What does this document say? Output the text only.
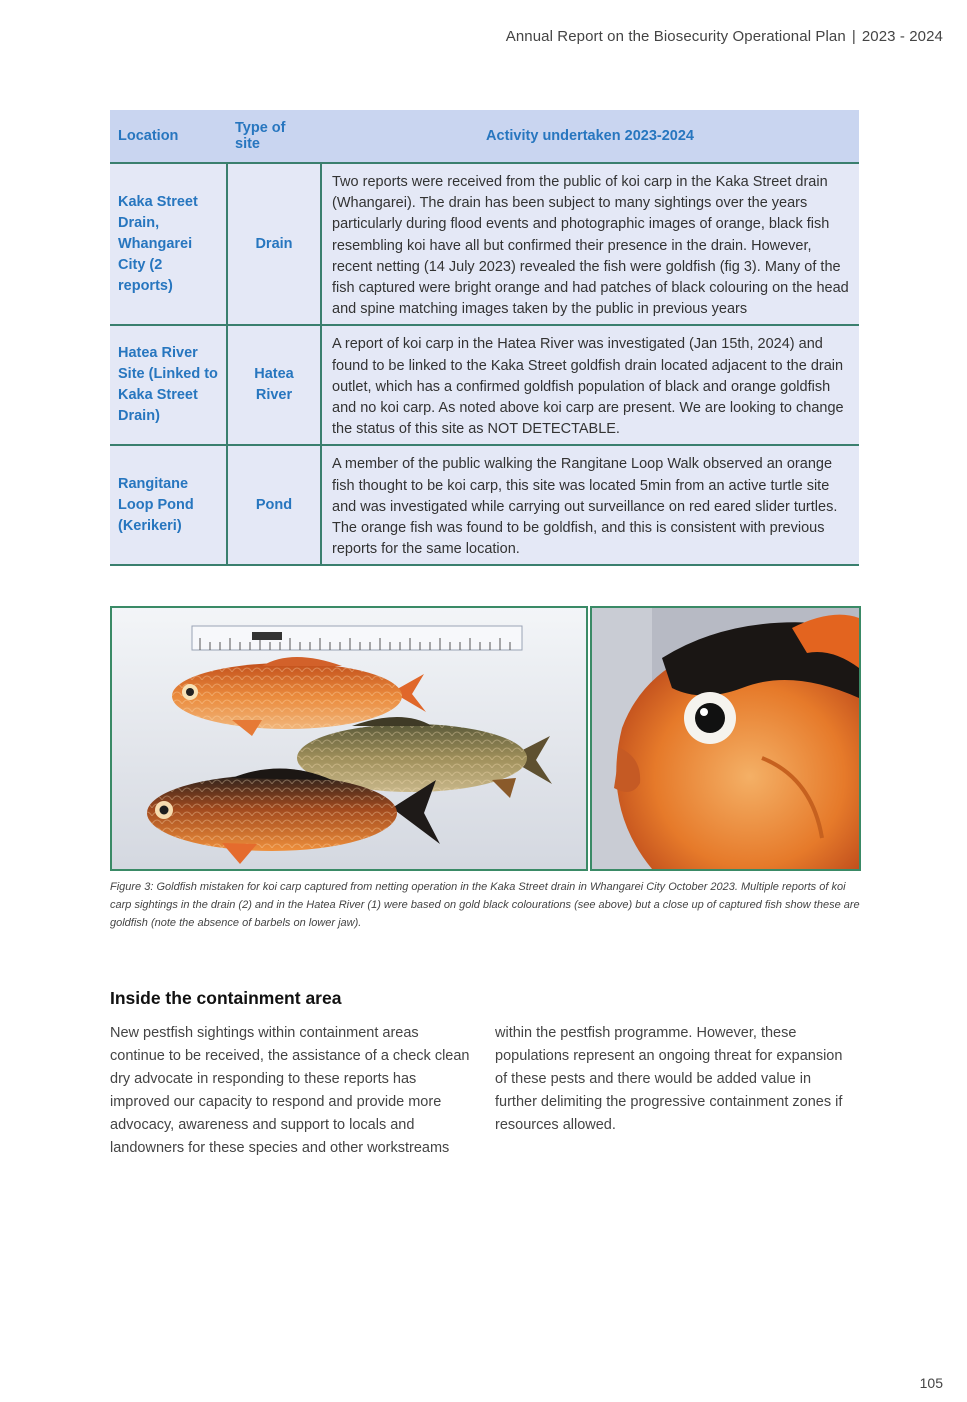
Annual Report on the Biosecurity Operational Plan | 2023 - 2024
Location	Type of site	Activity undertaken 2023-2024
Kaka Street Drain, Whangarei City (2 reports)	Drain	Two reports were received from the public of koi carp in the Kaka Street drain (Whangarei). The drain has been subject to many sightings over the years particularly during flood events and photographic images of orange, black fish resembling koi have all but confirmed their presence in the drain. However, recent netting (14 July 2023) revealed the fish were goldfish (fig 3). Many of the fish captured were bright orange and had patches of black colouring on the head and spine matching images taken by the public in previous years
Hatea River Site (Linked to Kaka Street Drain)	Hatea River	A report of koi carp in the Hatea River was investigated (Jan 15th, 2024) and found to be linked to the Kaka Street goldfish drain located adjacent to the drain outlet, which has a confirmed goldfish population of black and orange goldfish and no koi carp. As noted above koi carp are present. We are looking to change the status of this site as NOT DETECTABLE.
Rangitane Loop Pond (Kerikeri)	Pond	A member of the public walking the Rangitane Loop Walk observed an orange fish thought to be koi carp, this site was located 5min from an active turtle site and was investigated while carrying out surveillance on red eared slider turtles. The orange fish was found to be goldfish, and this is consistent with previous reports for the same location.
Figure 3: Goldfish mistaken for koi carp captured from netting operation in the Kaka Street drain in Whangarei City October 2023. Multiple reports of koi carp sightings in the drain (2) and in the Hatea River (1) were based on gold black colourations (see above) but a close up of captured fish show these are goldfish (note the absence of barbels on lower jaw).
Inside the containment area

New pestfish sightings within containment areas continue to be received, the assistance of a check clean dry advocate in responding to these reports has improved our capacity to respond and provide more advocacy, awareness and support to locals and landowners for these species and other workstreams

within the pestfish programme. However, these populations represent an ongoing threat for expansion of these pests and there would be added value in further delimiting the progressive containment zones if resources allowed.

105
